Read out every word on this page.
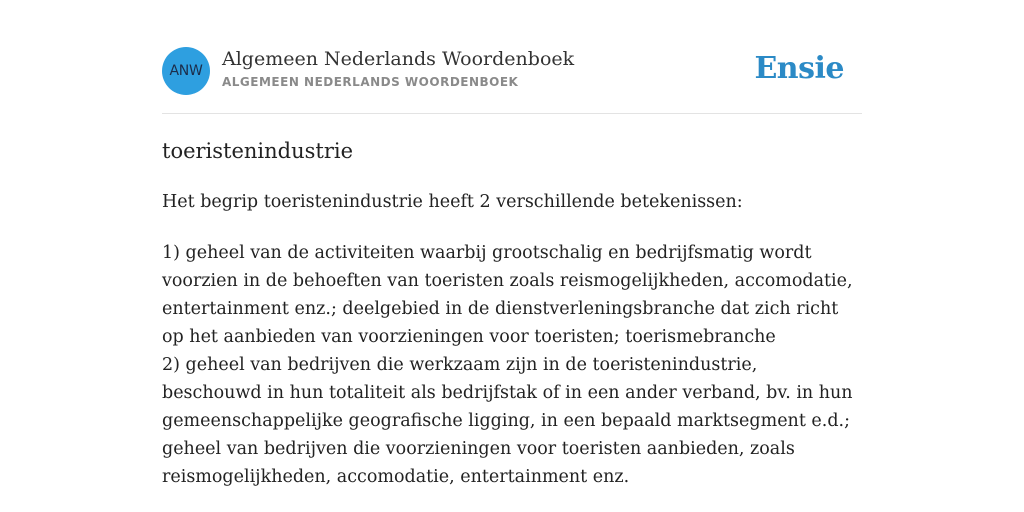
ANW
Algemeen Nederlands Woordenboek
ALGEMEEN NEDERLANDS WOORDENBOEK	Ensie
toeristenindustrie
Het begrip toeristenindustrie heeft 2 verschillende betekenissen:

1) geheel van de activiteiten waarbij grootschalig en bedrijfsmatig wordt voorzien in de behoeften van toeristen zoals reismogelijkheden, accomodatie, entertainment enz.; deelgebied in de dienstverleningsbranche dat zich richt op het aanbieden van voorzieningen voor toeristen; toerismebranche

2) geheel van bedrijven die werkzaam zijn in de toeristenindustrie, beschouwd in hun totaliteit als bedrijfstak of in een ander verband, bv. in hun gemeenschappelijke geografische ligging, in een bepaald marktsegment e.d.; geheel van bedrijven die voorzieningen voor toeristen aanbieden, zoals reismogelijkheden, accomodatie, entertainment enz.
